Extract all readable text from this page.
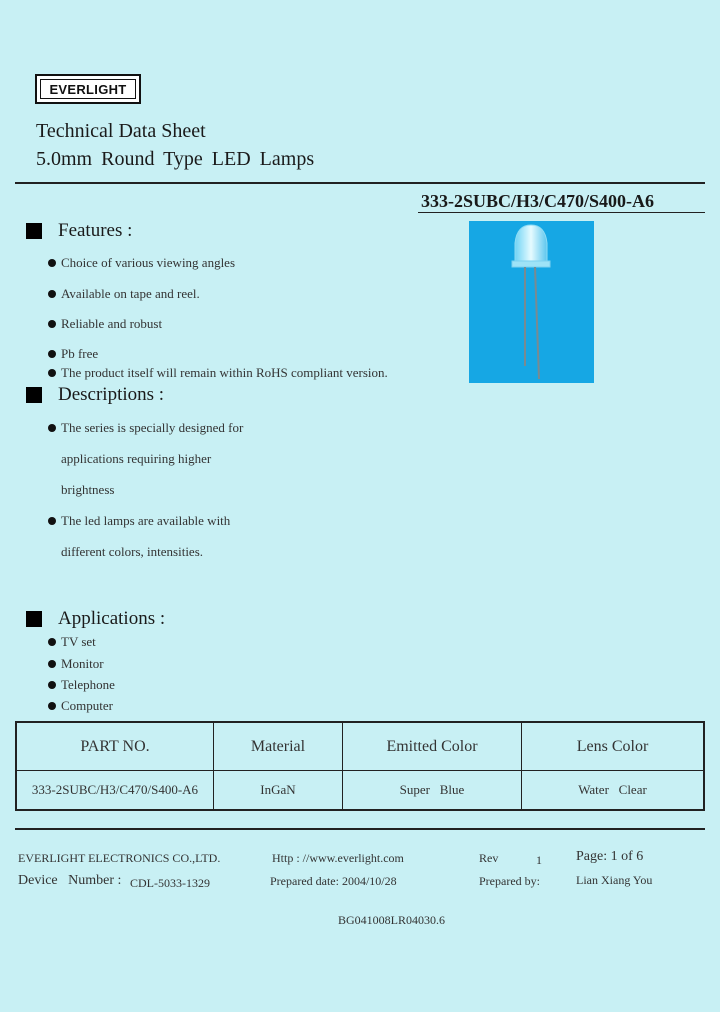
EVERLIGHT
Technical Data Sheet
5.0mm Round Type LED Lamps
333-2SUBC/H3/C470/S400-A6
Features :
Choice of various viewing angles
Available on tape and reel.
Reliable and robust
Pb free
The product itself will remain within RoHS compliant version.
Descriptions :
The series is specially designed for
applications requiring higher
brightness
The led lamps are available with
different colors, intensities.
Applications :
TV set
Monitor
Telephone
Computer
PART NO.	Material	Emitted Color	Lens Color
333-2SUBC/H3/C470/S400-A6	InGaN	Super   Blue	Water   Clear
EVERLIGHT ELECTRONICS CO.,LTD.	Http : //www.everlight.com	Rev	1 Page: 1 of 6
Device   Number : CDL-5033-1329	Prepared date: 2004/10/28	Prepared by:	Lian Xiang You
BG041008LR04030.6
